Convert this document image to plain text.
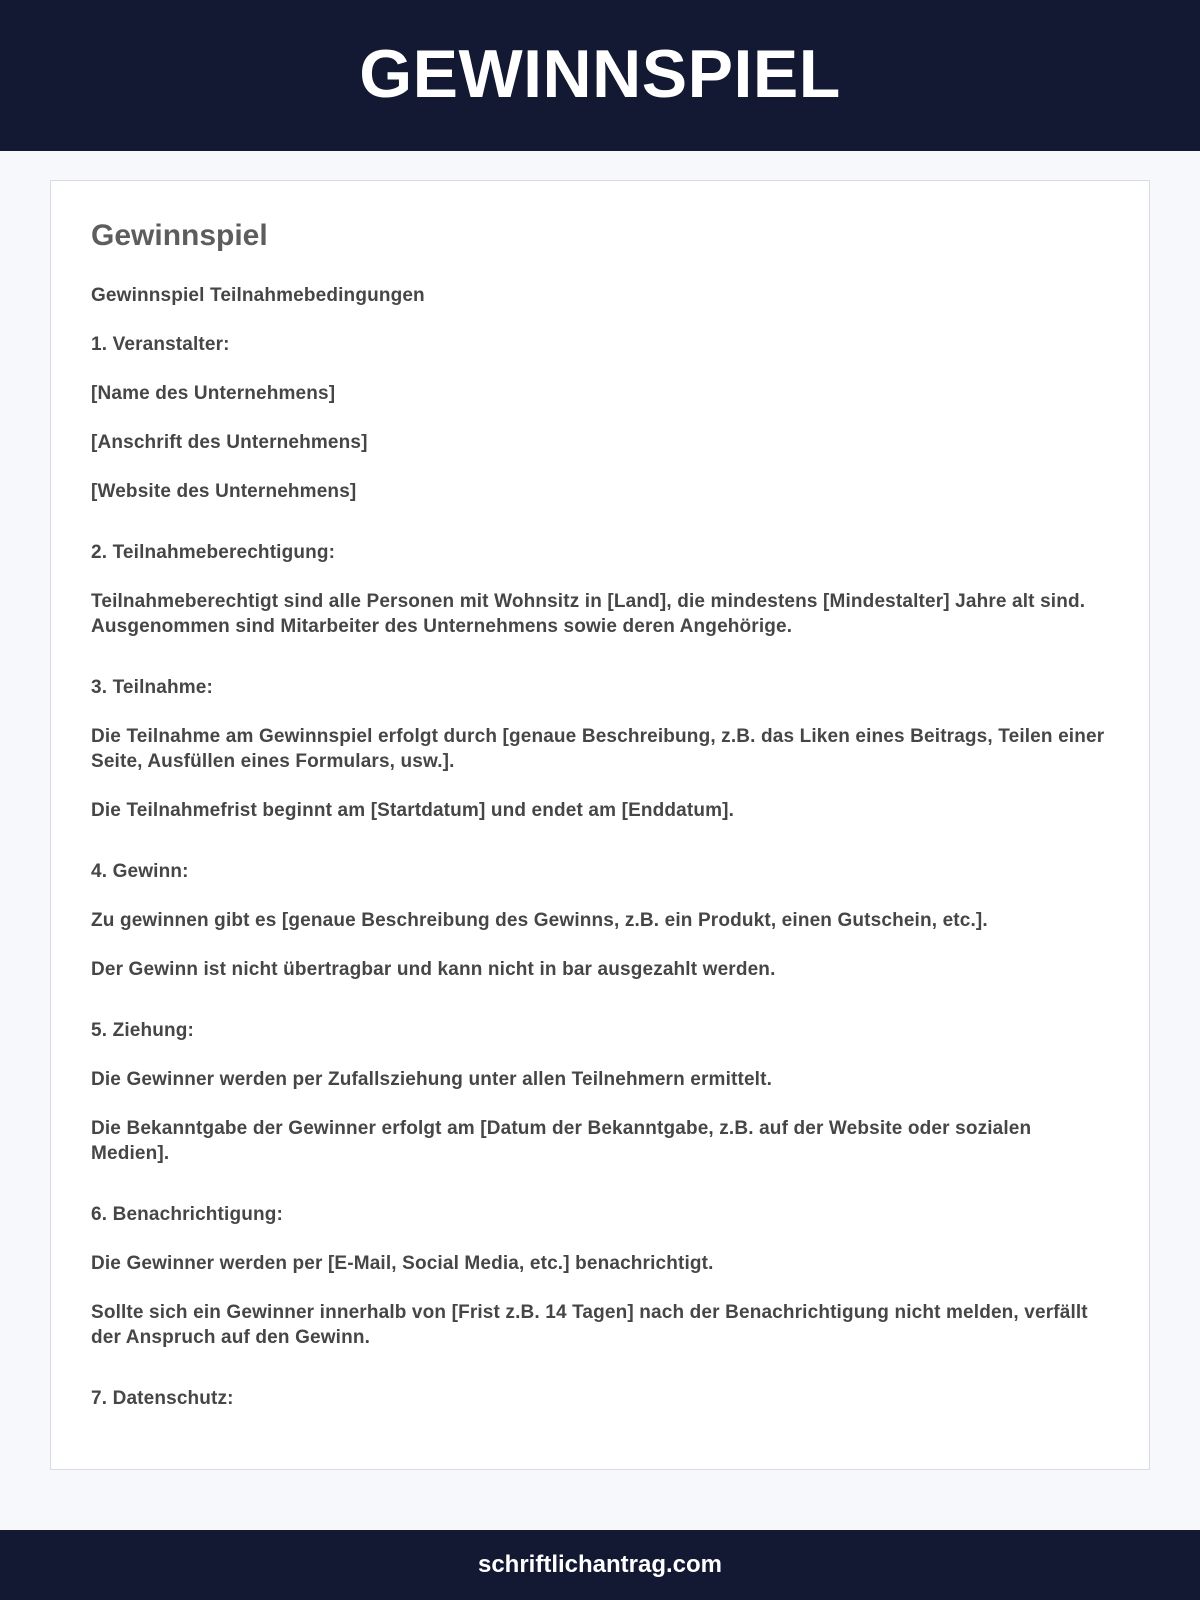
GEWINNSPIEL
Gewinnspiel

Gewinnspiel Teilnahmebedingungen

1. Veranstalter:

[Name des Unternehmens]

[Anschrift des Unternehmens]

[Website des Unternehmens]

2. Teilnahmeberechtigung:

Teilnahmeberechtigt sind alle Personen mit Wohnsitz in [Land], die mindestens [Mindestalter] Jahre alt sind. Ausgenommen sind Mitarbeiter des Unternehmens sowie deren Angehörige.

3. Teilnahme:

Die Teilnahme am Gewinnspiel erfolgt durch [genaue Beschreibung, z.B. das Liken eines Beitrags, Teilen einer Seite, Ausfüllen eines Formulars, usw.].

Die Teilnahmefrist beginnt am [Startdatum] und endet am [Enddatum].

4. Gewinn:

Zu gewinnen gibt es [genaue Beschreibung des Gewinns, z.B. ein Produkt, einen Gutschein, etc.].

Der Gewinn ist nicht übertragbar und kann nicht in bar ausgezahlt werden.

5. Ziehung:

Die Gewinner werden per Zufallsziehung unter allen Teilnehmern ermittelt.

Die Bekanntgabe der Gewinner erfolgt am [Datum der Bekanntgabe, z.B. auf der Website oder sozialen Medien].

6. Benachrichtigung:

Die Gewinner werden per [E-Mail, Social Media, etc.] benachrichtigt.

Sollte sich ein Gewinner innerhalb von [Frist z.B. 14 Tagen] nach der Benachrichtigung nicht melden, verfällt der Anspruch auf den Gewinn.

7. Datenschutz:

schriftlichantrag.com
